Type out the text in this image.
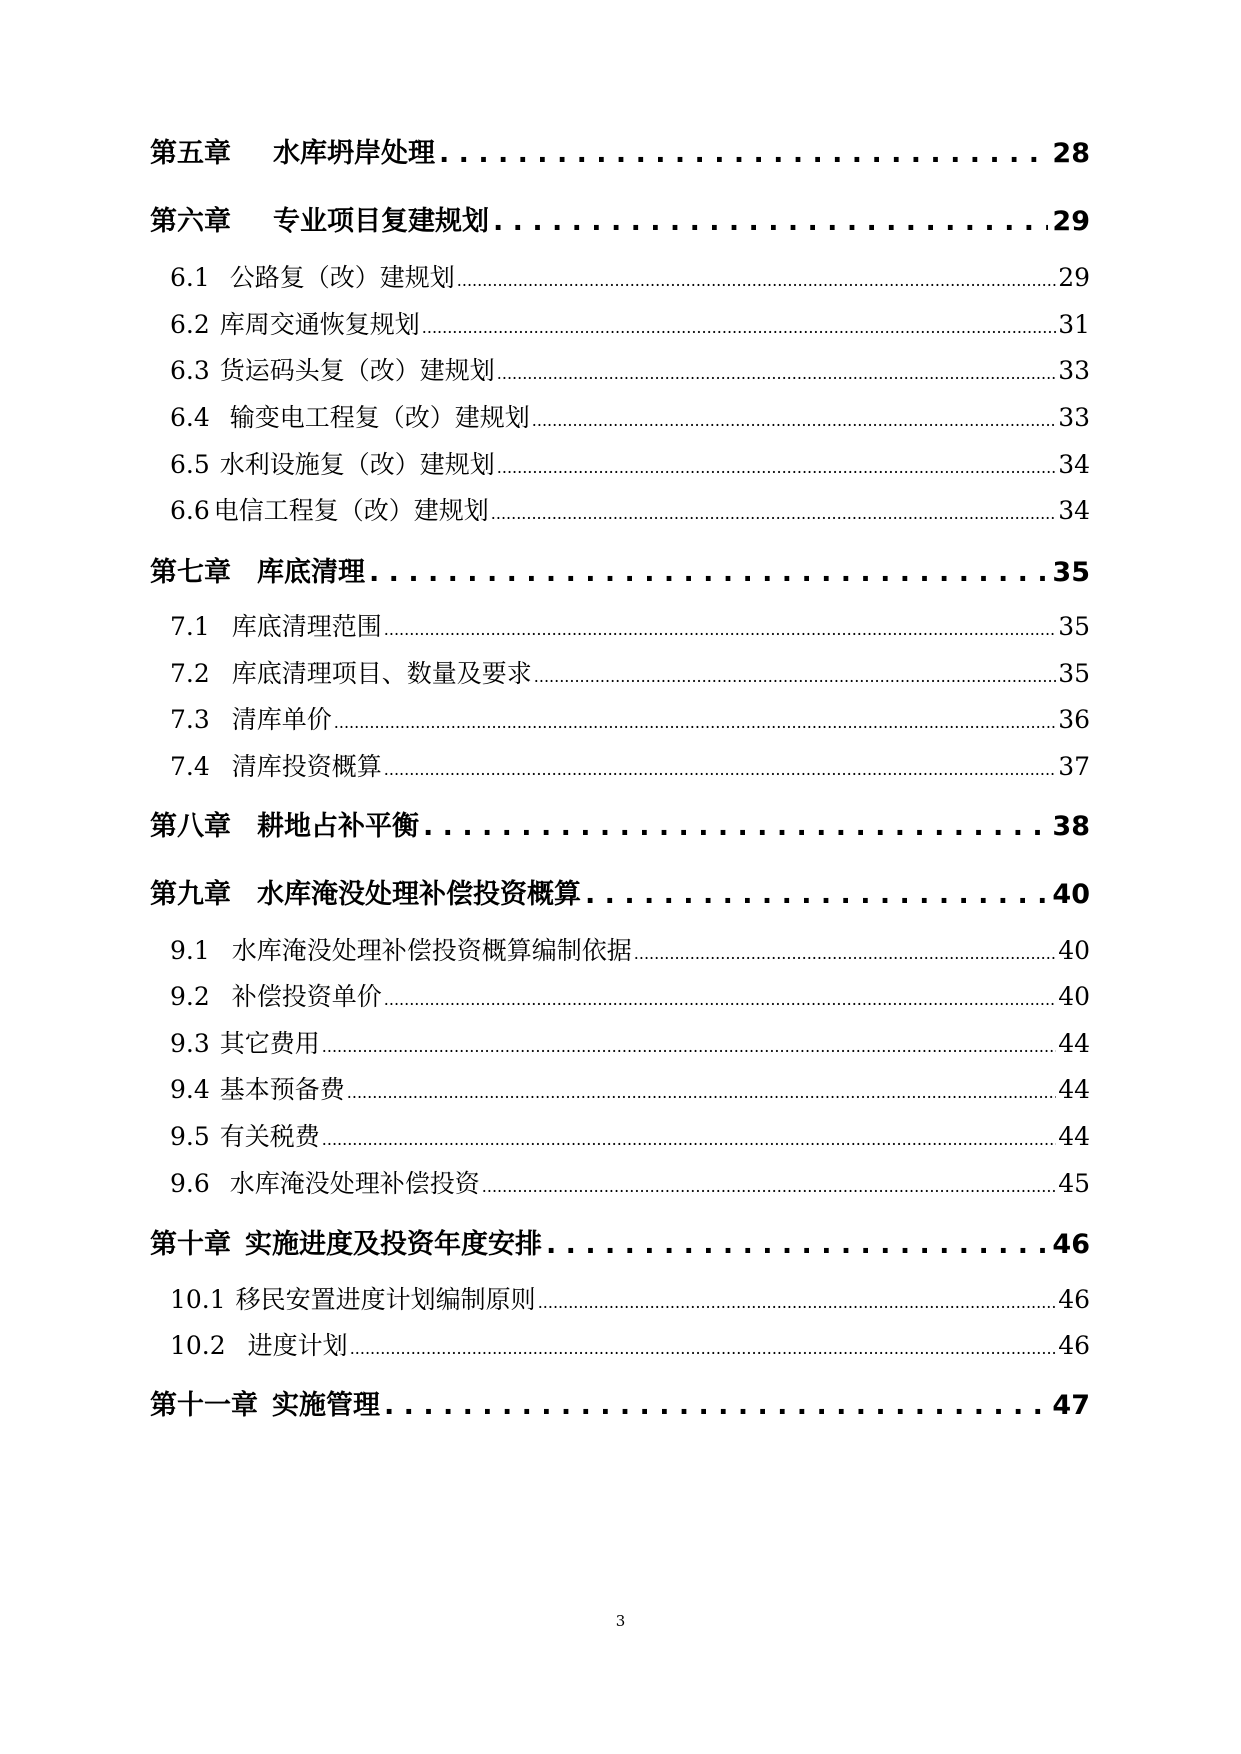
第五章 水库坍岸处理 . . .	28
第六章 专业项目复建规划 . . .	29
6.1 公路复（改）建规划 .....	29
6.2 库周交通恢复规划 .....	31
6.3 货运码头复（改）建规划 .....	33
6.4 输变电工程复（改）建规划 .....	33
6.5 水利设施复（改）建规划 .....	34
6.6 电信工程复（改）建规划 .....	34
第七章 库底清理 . . .	35
7.1 库底清理范围 .....	35
7.2 库底清理项目、数量及要求 .....	35
7.3 清库单价 .....	36
7.4 清库投资概算 .....	37
第八章 耕地占补平衡 . . .	38
第九章 水库淹没处理补偿投资概算 . . .	40
9.1 水库淹没处理补偿投资概算编制依据 .....	40
9.2 补偿投资单价 .....	40
9.3 其它费用 .....	44
9.4 基本预备费 .....	44
9.5 有关税费 .....	44
9.6 水库淹没处理补偿投资 .....	45
第十章 实施进度及投资年度安排 . . .	46
10.1 移民安置进度计划编制原则 .....	46
10.2 进度计划 .....	46
第十一章 实施管理 . . .	47
3
